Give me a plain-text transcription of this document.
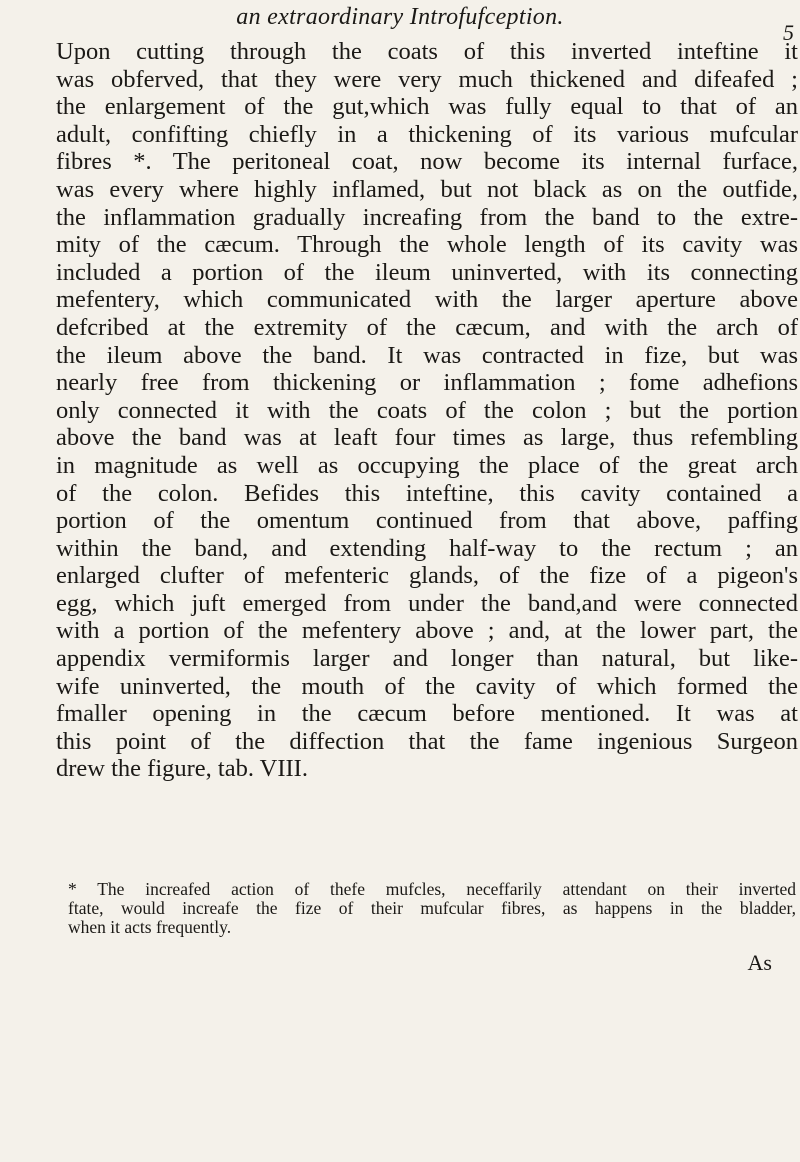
an extraordinary Introfufception.
5
Upon cutting through the coats of this inverted inteftine it
was obferved, that they were very much thickened and difeafed ;
the enlargement of the gut,which was fully equal to that of an
adult, confifting chiefly in a thickening of its various mufcular
fibres *. The peritoneal coat, now become its internal furface,
was every where highly inflamed, but not black as on the outfide,
the inflammation gradually increafing from the band to the extre-
mity of the cæcum. Through the whole length of its cavity was
included a portion of the ileum uninverted, with its connecting
mefentery, which communicated with the larger aperture above
defcribed at the extremity of the cæcum, and with the arch of
the ileum above the band. It was contracted in fize, but was
nearly free from thickening or inflammation ; fome adhefions
only connected it with the coats of the colon ; but the portion
above the band was at leaft four times as large, thus refembling
in magnitude as well as occupying the place of the great arch
of the colon. Befides this inteftine, this cavity contained a
portion of the omentum continued from that above, paffing
within the band, and extending half-way to the rectum ; an
enlarged clufter of mefenteric glands, of the fize of a pigeon's
egg, which juft emerged from under the band,and were connected
with a portion of the mefentery above ; and, at the lower part, the
appendix vermiformis larger and longer than natural, but like-
wife uninverted, the mouth of the cavity of which formed the
fmaller opening in the cæcum before mentioned. It was at
this point of the diffection that the fame ingenious Surgeon
drew the figure, tab. VIII.
* The increafed action of thefe mufcles, neceffarily attendant on their inverted
ftate, would increafe the fize of their mufcular fibres, as happens in the bladder,
when it acts frequently.
As
